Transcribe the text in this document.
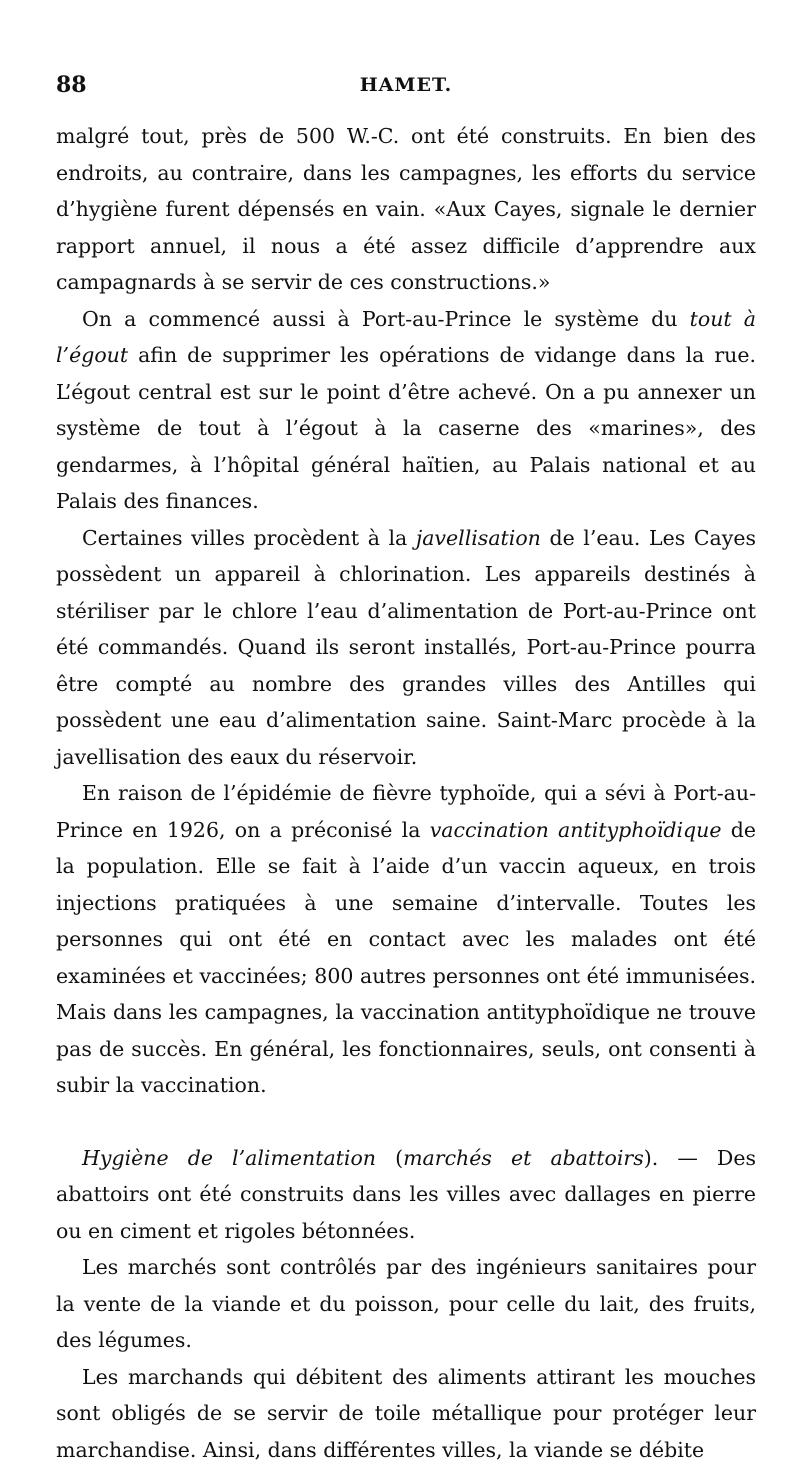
88	HAMET.

malgré tout, près de 500 W.-C. ont été construits. En bien des endroits, au contraire, dans les campagnes, les efforts du service d’hygiène furent dépensés en vain. «Aux Cayes, signale le dernier rapport annuel, il nous a été assez difficile d’apprendre aux campagnards à se servir de ces constructions.»

On a commencé aussi à Port-au-Prince le système du tout à l’égout afin de supprimer les opérations de vidange dans la rue. L’égout central est sur le point d’être achevé. On a pu annexer un système de tout à l’égout à la caserne des «marines», des gendarmes, à l’hôpital général haïtien, au Palais national et au Palais des finances.

Certaines villes procèdent à la javellisation de l’eau. Les Cayes possèdent un appareil à chlorination. Les appareils destinés à stériliser par le chlore l’eau d’alimentation de Port-au-Prince ont été commandés. Quand ils seront installés, Port-au-Prince pourra être compté au nombre des grandes villes des Antilles qui possèdent une eau d’alimentation saine. Saint-Marc procède à la javellisation des eaux du réservoir.

En raison de l’épidémie de fièvre typhoïde, qui a sévi à Port-au-Prince en 1926, on a préconisé la vaccination antityphoïdique de la population. Elle se fait à l’aide d’un vaccin aqueux, en trois injections pratiquées à une semaine d’intervalle. Toutes les personnes qui ont été en contact avec les malades ont été examinées et vaccinées; 800 autres personnes ont été immunisées. Mais dans les campagnes, la vaccination antityphoïdique ne trouve pas de succès. En général, les fonctionnaires, seuls, ont consenti à subir la vaccination.

Hygiène de l’alimentation (marchés et abattoirs). — Des abattoirs ont été construits dans les villes avec dallages en pierre ou en ciment et rigoles bétonnées.

Les marchés sont contrôlés par des ingénieurs sanitaires pour la vente de la viande et du poisson, pour celle du lait, des fruits, des légumes.

Les marchands qui débitent des aliments attirant les mouches sont obligés de se servir de toile métallique pour protéger leur marchandise. Ainsi, dans différentes villes, la viande se débite
